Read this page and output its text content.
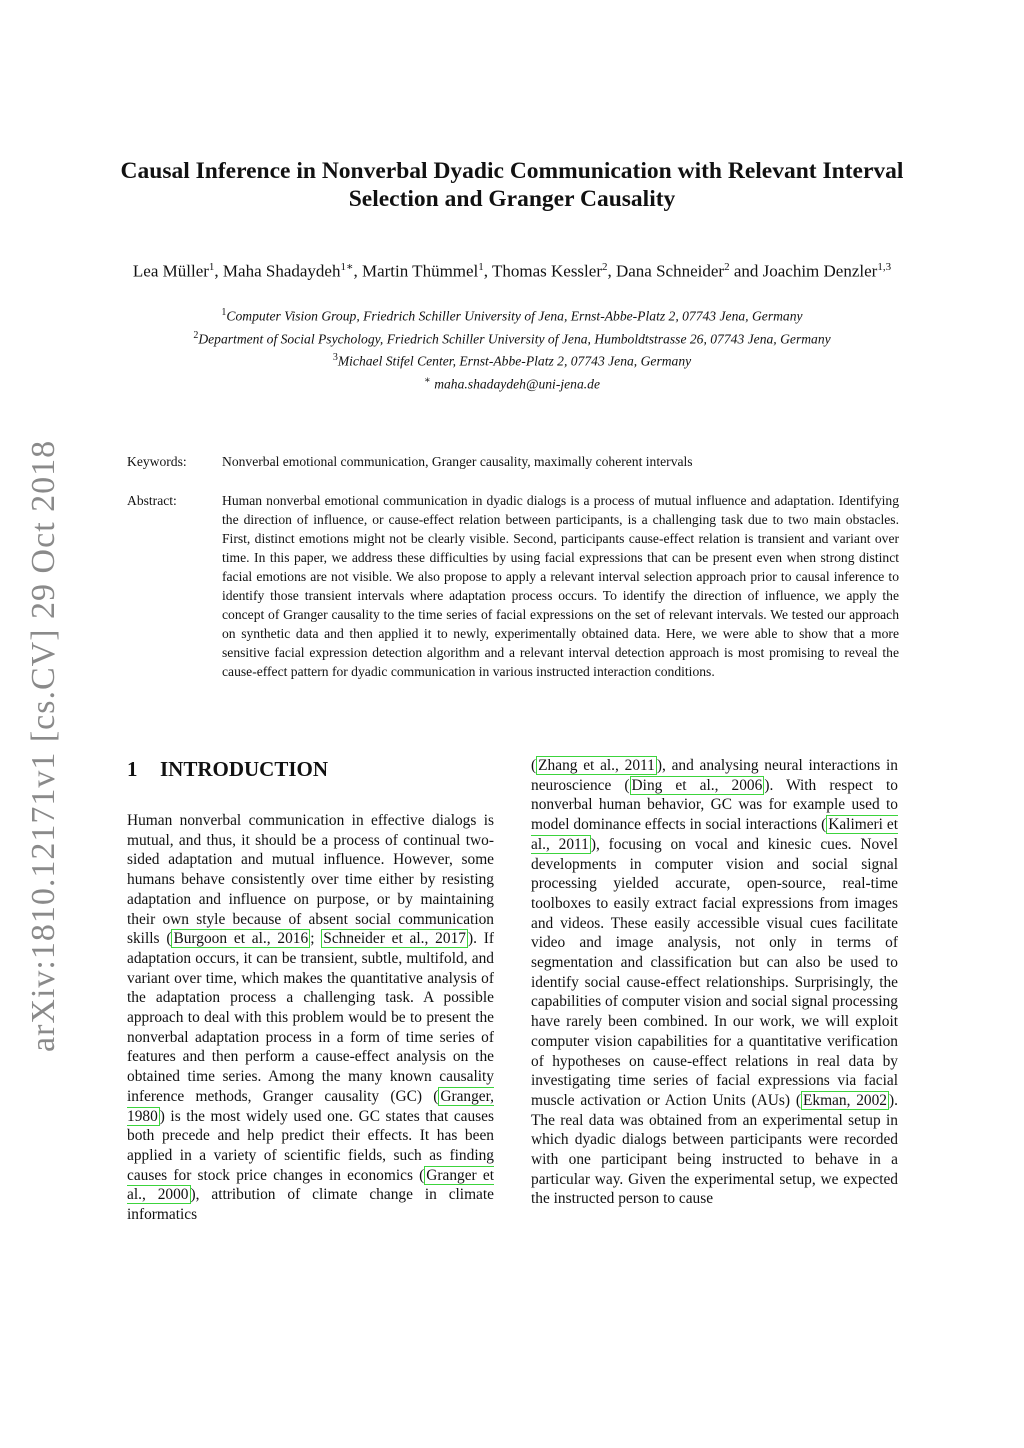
arXiv:1810.12171v1 [cs.CV] 29 Oct 2018
Causal Inference in Nonverbal Dyadic Communication with Relevant Interval Selection and Granger Causality
Lea Müller$^1$, Maha Shadaydeh$^{1∗}$, Martin Thümmel$^1$, Thomas Kessler$^2$, Dana Schneider$^2$ and Joachim Denzler$^{1,3}$
$^1$Computer Vision Group, Friedrich Schiller University of Jena, Ernst-Abbe-Platz 2, 07743 Jena, Germany
$^2$Department of Social Psychology, Friedrich Schiller University of Jena, Humboldtstrasse 26, 07743 Jena, Germany
$^3$Michael Stifel Center, Ernst-Abbe-Platz 2, 07743 Jena, Germany
∗ maha.shadaydeh@uni-jena.de
Keywords:	Nonverbal emotional communication, Granger causality, maximally coherent intervals
Abstract:	Human nonverbal emotional communication in dyadic dialogs is a process of mutual influence and adaptation. Identifying the direction of influence, or cause-effect relation between participants, is a challenging task due to two main obstacles. First, distinct emotions might not be clearly visible. Second, participants cause-effect relation is transient and variant over time. In this paper, we address these difficulties by using facial expressions that can be present even when strong distinct facial emotions are not visible. We also propose to apply a relevant interval selection approach prior to causal inference to identify those transient intervals where adaptation process occurs. To identify the direction of influence, we apply the concept of Granger causality to the time series of facial expressions on the set of relevant intervals. We tested our approach on synthetic data and then applied it to newly, experimentally obtained data. Here, we were able to show that a more sensitive facial expression detection algorithm and a relevant interval detection approach is most promising to reveal the cause-effect pattern for dyadic communication in various instructed interaction conditions.
1 INTRODUCTION

Human nonverbal communication in effective dialogs is mutual, and thus, it should be a process of continual two-sided adaptation and mutual influence. However, some humans behave consistently over time either by resisting adaptation and influence on purpose, or by maintaining their own style because of absent social communication skills ( Burgoon et al., 2016 ; Schneider et al., 2017 ). If adaptation occurs, it can be transient, subtle, multifold, and variant over time, which makes the quantitative analysis of the adaptation process a challenging task. A possible approach to deal with this problem would be to present the nonverbal adaptation process in a form of time series of features and then perform a cause-effect analysis on the obtained time series. Among the many known causality inference methods, Granger causality (GC) ( Granger, 1980 ) is the most widely used one. GC states that causes both precede and help predict their effects. It has been applied in a variety of scientific fields, such as finding causes for stock price changes in economics ( Granger et al., 2000 ), attribution of climate change in climate informatics

( Zhang et al., 2011 ), and analysing neural interactions in neuroscience ( Ding et al., 2006 ). With respect to nonverbal human behavior, GC was for example used to model dominance effects in social interactions ( Kalimeri et al., 2011 ), focusing on vocal and kinesic cues. Novel developments in computer vision and social signal processing yielded accurate, open-source, real-time toolboxes to easily extract facial expressions from images and videos. These easily accessible visual cues facilitate video and image analysis, not only in terms of segmentation and classification but can also be used to identify social cause-effect relationships. Surprisingly, the capabilities of computer vision and social signal processing have rarely been combined. In our work, we will exploit computer vision capabilities for a quantitative verification of hypotheses on cause-effect relations in real data by investigating time series of facial expressions via facial muscle activation or Action Units (AUs) ( Ekman, 2002 ). The real data was obtained from an experimental setup in which dyadic dialogs between participants were recorded with one participant being instructed to behave in a particular way. Given the experimental setup, we expected the instructed person to cause
